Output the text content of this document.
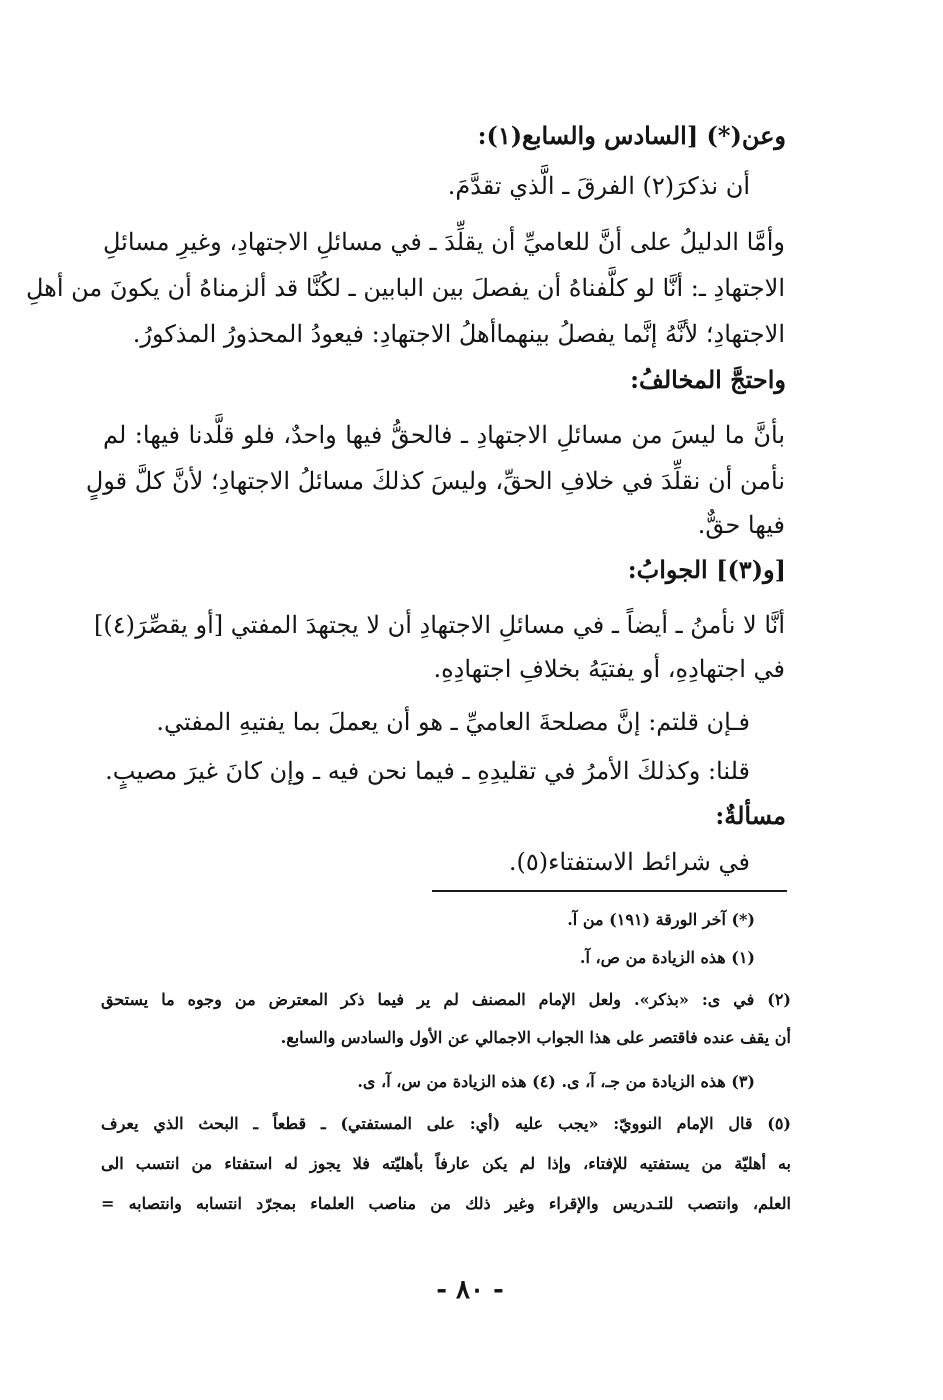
وعن(*) [السادس والسابع(١):
أن نذكرَ(٢) الفرقَ ـ الَّذي تقدَّمَ.
وأمَّا الدليلُ على أنَّ للعاميِّ أن يقلِّدَ ـ في مسائلِ الاجتهادِ، وغيرِ مسائلِ
الاجتهادِ ـ: أنَّا لو كلَّفناهُ أن يفصلَ بين البابين ـ لكُنَّا قد ألزمناهُ أن يكونَ من أهلِ
الاجتهادِ؛ لأنَّهُ إنَّما يفصلُ بينهماأهلُ الاجتهادِ: فيعودُ المحذورُ المذكورُ.
واحتجَّ المخالفُ:
بأنَّ ما ليسَ من مسائلِ الاجتهادِ ـ فالحقُّ فيها واحدٌ، فلو قلَّدنا فيها: لم
نأمن أن نقلِّدَ في خلافِ الحقِّ، وليسَ كذلكَ مسائلُ الاجتهادِ؛ لأنَّ كلَّ قولٍ
فيها حقٌّ.
[و(٣)] الجوابُ:
أنَّا لا نأمنُ ـ أيضاً ـ في مسائلِ الاجتهادِ أن لا يجتهدَ المفتي [أو يقصِّرَ(٤)]
في اجتهادِهِ، أو يفتيَهُ بخلافِ اجتهادِهِ.
فـإن قلتم: إنَّ مصلحةَ العاميِّ ـ هو أن يعملَ بما يفتيهِ المفتي.
قلنا: وكذلكَ الأمرُ في تقليدِهِ ـ فيما نحن فيه ـ وإن كانَ غيرَ مصيبٍ.
مسألةٌ:
في شرائط الاستفتاء(٥).
(*) آخر الورقة (١٩١) من آ.
(١) هذه الزيادة من ص، آ.
(٢) في ى: «بذكر». ولعل الإمام المصنف لم ير فيما ذكر المعترض من وجوه ما يستحق
أن يقف عنده فاقتصر على هذا الجواب الاجمالي عن الأول والسادس والسابع.
(٣) هذه الزيادة من جـ، آ، ى. (٤) هذه الزيادة من س، آ، ى.
(٥) قال الإمام النوويّ: «يجب عليه (أي: على المستفتي) ـ قطعاً ـ البحث الذي يعرف
به أهليّة من يستفتيه للإفتاء، وإذا لم يكن عارفاً بأهليّته فلا يجوز له استفتاء من انتسب الى
العلم، وانتصب للتـدريس والإقراء وغير ذلك من مناصب العلماء بمجرّد انتسابه وانتصابه =
- ٨٠ -
